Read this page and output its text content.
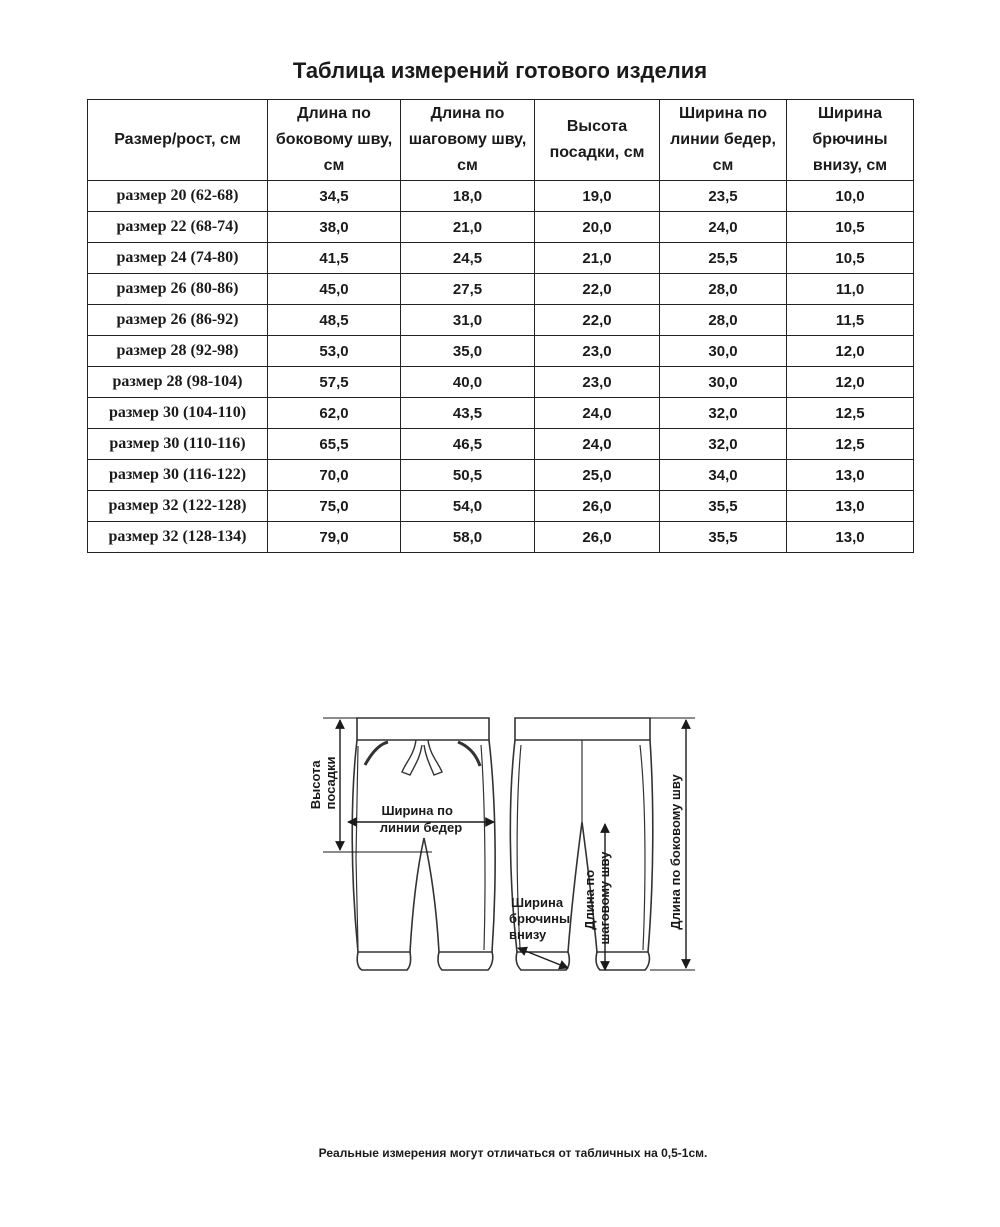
Таблица измерений готового изделия
Размер/рост, см	Длина по боковому шву, см	Длина по шаговому шву, см	Высота посадки, см	Ширина по линии бедер, см	Ширина брючины внизу, см
размер 20 (62-68)	34,5	18,0	19,0	23,5	10,0
размер 22 (68-74)	38,0	21,0	20,0	24,0	10,5
размер 24 (74-80)	41,5	24,5	21,0	25,5	10,5
размер 26 (80-86)	45,0	27,5	22,0	28,0	11,0
размер 26 (86-92)	48,5	31,0	22,0	28,0	11,5
размер 28 (92-98)	53,0	35,0	23,0	30,0	12,0
размер 28 (98-104)	57,5	40,0	23,0	30,0	12,0
размер 30 (104-110)	62,0	43,5	24,0	32,0	12,5
размер 30 (110-116)	65,5	46,5	24,0	32,0	12,5
размер 30 (116-122)	70,0	50,5	25,0	34,0	13,0
размер 32 (122-128)	75,0	54,0	26,0	35,5	13,0
размер 32 (128-134)	79,0	58,0	26,0	35,5	13,0
Высота посадки
Ширина по линии бедер
Ширина брючины внизу
Длина по шаговому шву	Длина по боковому шву
Реальные измерения могут отличаться от табличных на 0,5-1см.
